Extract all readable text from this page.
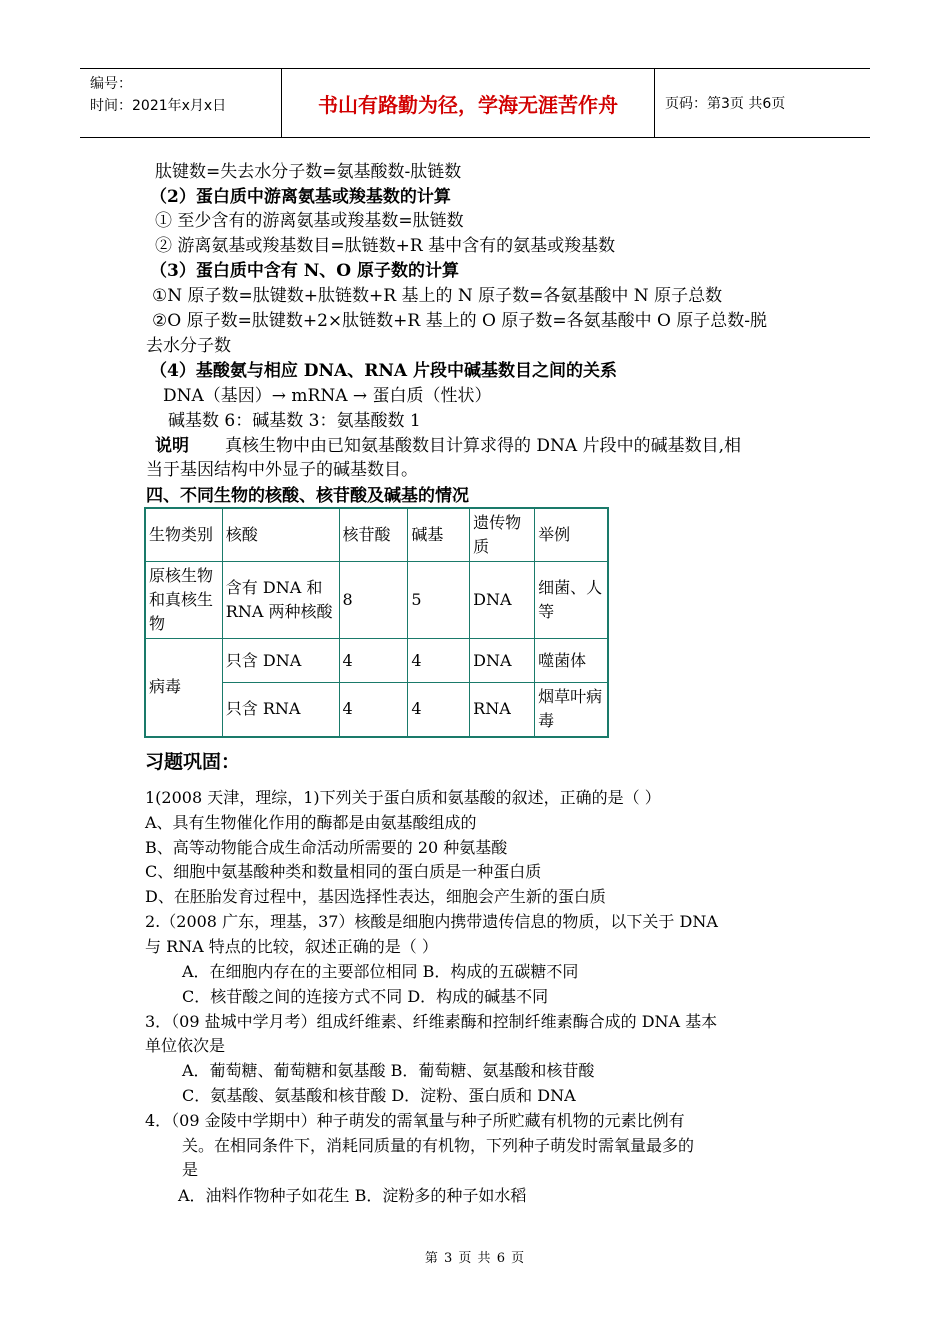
编号：
时间：2021年x月x日	书山有路勤为径，学海无涯苦作舟	页码：第3页 共6页
肽键数=失去水分子数=氨基酸数-肽链数
（2）蛋白质中游离氨基或羧基数的计算
① 至少含有的游离氨基或羧基数=肽链数
② 游离氨基或羧基数目=肽链数+R 基中含有的氨基或羧基数
（3）蛋白质中含有 N、O 原子数的计算
①N 原子数=肽键数+肽链数+R 基上的 N 原子数=各氨基酸中 N 原子总数
②O 原子数=肽键数+2×肽链数+R 基上的 O 原子数=各氨基酸中 O 原子总数-脱
去水分子数
（4）基酸氨与相应 DNA、RNA 片段中碱基数目之间的关系
DNA（基因）→ mRNA → 蛋白质（性状）
碱基数 6：碱基数 3：氨基酸数 1
说明 真核生物中由已知氨基酸数目计算求得的 DNA 片段中的碱基数目,相
当于基因结构中外显子的碱基数目。
四、不同生物的核酸、核苷酸及碱基的情况
生物类别	核酸	核苷酸	碱基	遗传物质	举例
原核生物和真核生物	含有 DNA 和 RNA 两种核酸	8	5	DNA	细菌、人等
病毒	只含 DNA	4	4	DNA	噬菌体
	只含 RNA	4	4	RNA	烟草叶病毒
习题巩固：
1(2008 天津，理综，1)下列关于蛋白质和氨基酸的叙述，正确的是（ ）
A、具有生物催化作用的酶都是由氨基酸组成的
B、高等动物能合成生命活动所需要的 20 种氨基酸
C、细胞中氨基酸种类和数量相同的蛋白质是一种蛋白质
D、在胚胎发育过程中，基因选择性表达，细胞会产生新的蛋白质
2.（2008 广东，理基，37）核酸是细胞内携带遗传信息的物质，以下关于 DNA
与 RNA 特点的比较，叙述正确的是（ ）
A．在细胞内存在的主要部位相同 B．构成的五碳糖不同
C．核苷酸之间的连接方式不同 D．构成的碱基不同
3．（09 盐城中学月考）组成纤维素、纤维素酶和控制纤维素酶合成的 DNA 基本
单位依次是
A．葡萄糖、葡萄糖和氨基酸 B．葡萄糖、氨基酸和核苷酸
C．氨基酸、氨基酸和核苷酸 D．淀粉、蛋白质和 DNA
4．（09 金陵中学期中）种子萌发的需氧量与种子所贮藏有机物的元素比例有
关。在相同条件下，消耗同质量的有机物，下列种子萌发时需氧量最多的
是
A．油料作物种子如花生 B．淀粉多的种子如水稻
第 3 页 共 6 页
